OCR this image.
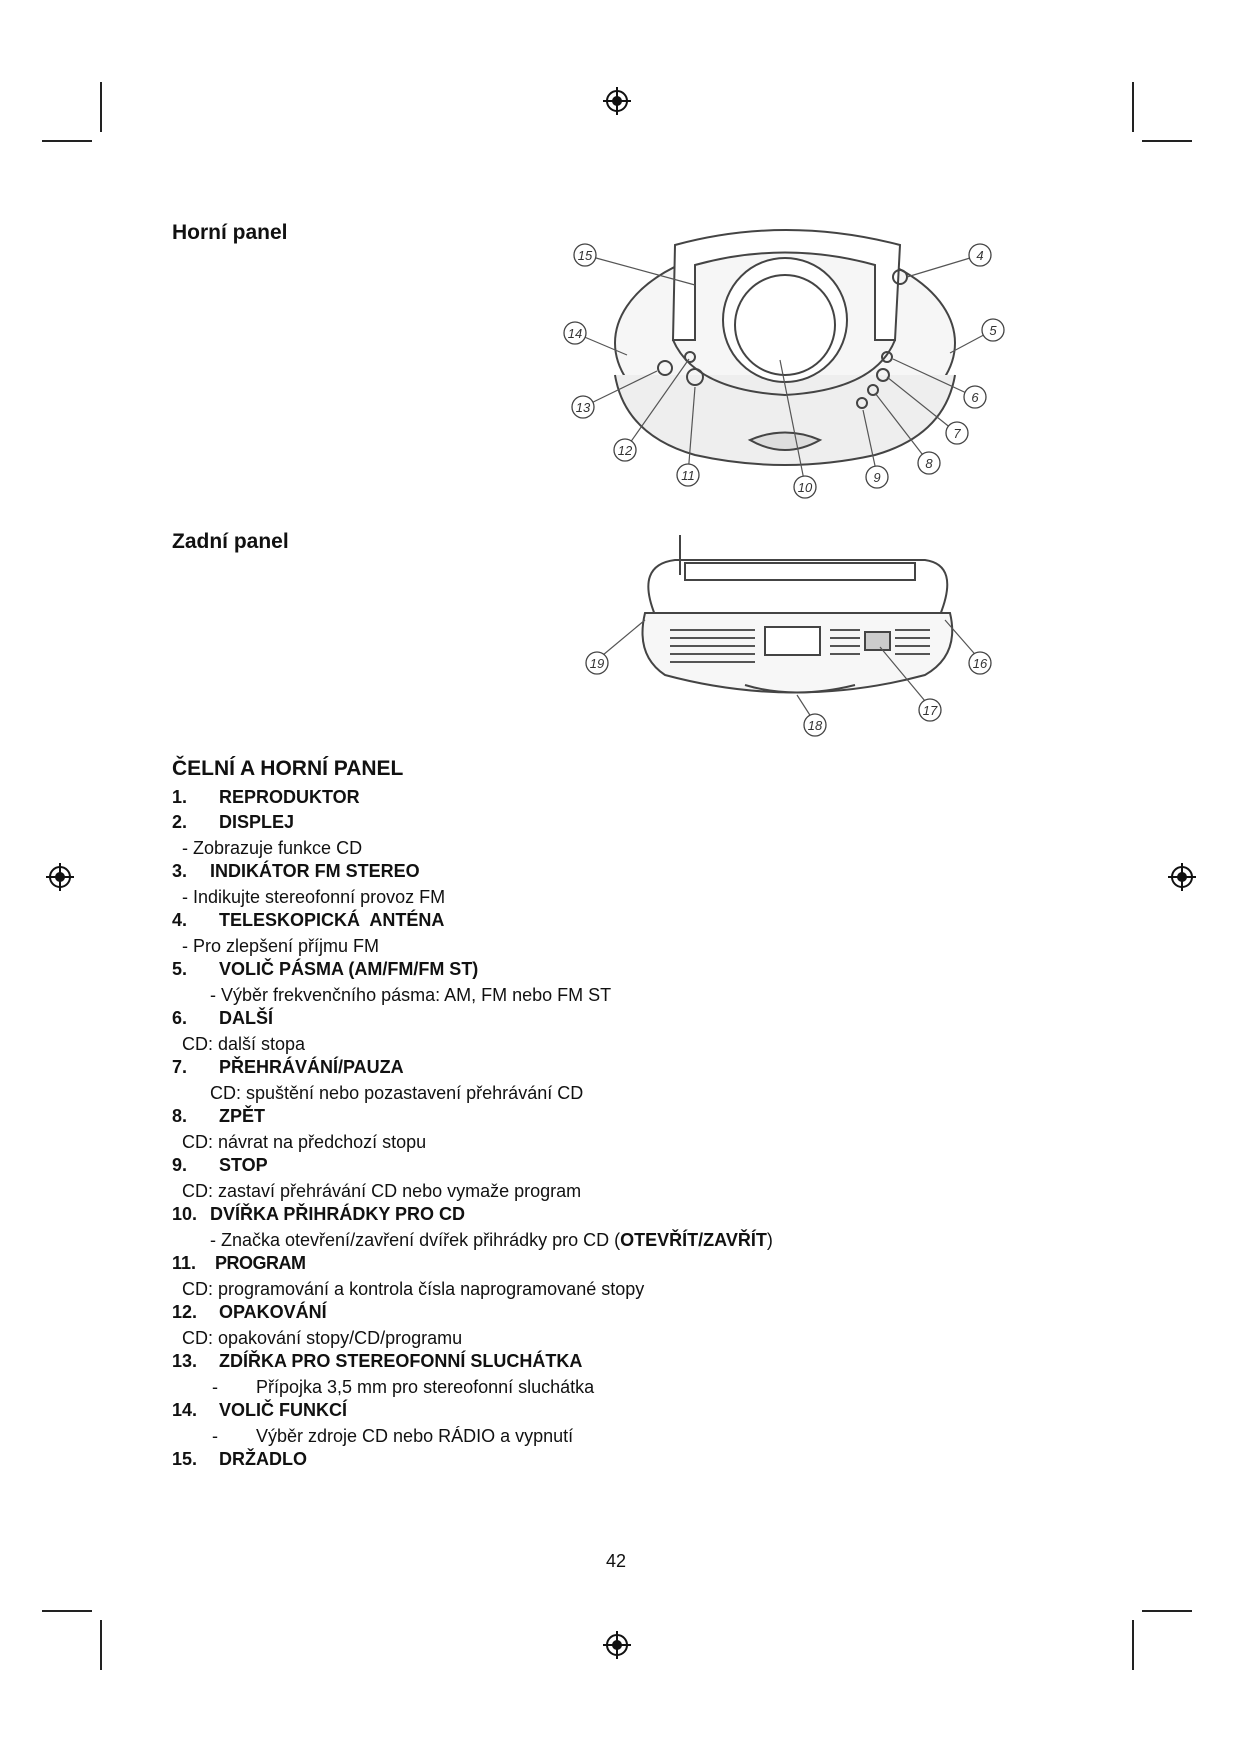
Horní panel
Zadní panel
15	4
14	5
13
6
7
12
8
11
10
9
19	16
17
18
ČELNÍ A HORNÍ PANEL
1. REPRODUKTOR
2. DISPLEJ
- Zobrazuje funkce CD
3. INDIKÁTOR FM STEREO
- Indikujte stereofonní provoz FM
4. TELESKOPICKÁ  ANTÉNA
- Pro zlepšení příjmu FM
5. VOLIČ PÁSMA (AM/FM/FM ST)
- Výběr frekvenčního pásma: AM, FM nebo FM ST
6. DALŠÍ
CD: další stopa
7. PŘEHRÁVÁNÍ/PAUZA
CD: spuštění nebo pozastavení přehrávání CD
8. ZPĚT
CD: návrat na předchozí stopu
9. STOP
CD: zastaví přehrávání CD nebo vymaže program
10. DVÍŘKA PŘIHRÁDKY PRO CD
- Značka otevření/zavření dvířek přihrádky pro CD (OTEVŘÍT/ZAVŘÍT)
11. PROGRAM
CD: programování a kontrola čísla naprogramované stopy
12. OPAKOVÁNÍ
CD: opakování stopy/CD/programu
13. ZDÍŘKA PRO STEREOFONNÍ SLUCHÁTKA
- Přípojka 3,5 mm pro stereofonní sluchátka
14. VOLIČ FUNKCÍ
- Výběr zdroje CD nebo RÁDIO a vypnutí
15. DRŽADLO
42
